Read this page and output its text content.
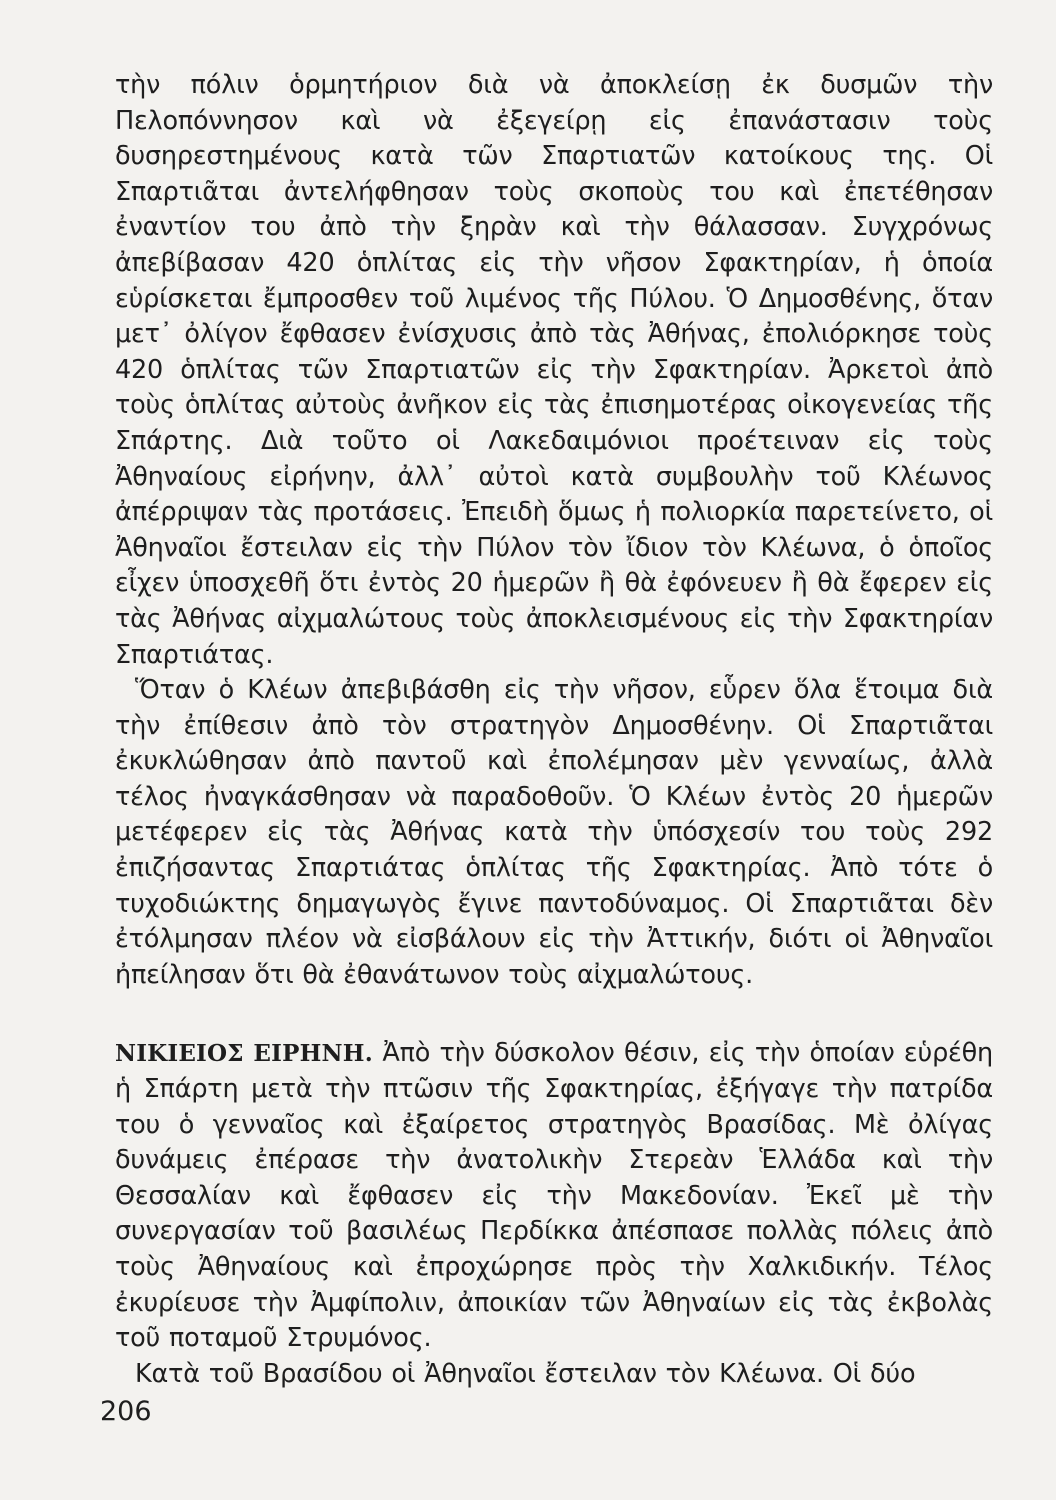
τὴν πόλιν ὁρμητήριον διὰ νὰ ἀποκλείσῃ ἐκ δυσμῶν τὴν Πελοπόννησον καὶ νὰ ἐξεγείρῃ εἰς ἐπανάστασιν τοὺς δυσηρεστημένους κατὰ τῶν Σπαρτιατῶν κατοίκους της. Οἱ Σπαρτιᾶται ἀντελήφθησαν τοὺς σκοποὺς του καὶ ἐπετέθησαν ἐναντίον του ἀπὸ τὴν ξηρὰν καὶ τὴν θάλασσαν. Συγχρόνως ἀπεβίβασαν 420 ὁπλίτας εἰς τὴν νῆσον Σφακτηρίαν, ἡ ὁποία εὑρίσκεται ἔμπροσθεν τοῦ λιμένος τῆς Πύλου. Ὁ Δημοσθένης, ὅταν μετ᾽ ὀλίγον ἔφθασεν ἐνίσχυσις ἀπὸ τὰς Ἀθήνας, ἐπολιόρκησε τοὺς 420 ὁπλίτας τῶν Σπαρτιατῶν εἰς τὴν Σφακτηρίαν. Ἀρκετοὶ ἀπὸ τοὺς ὁπλίτας αὐτοὺς ἀνῆκον εἰς τὰς ἐπισημοτέρας οἰκογενείας τῆς Σπάρτης. Διὰ τοῦτο οἱ Λακεδαιμόνιοι προέτειναν εἰς τοὺς Ἀθηναίους εἰρήνην, ἀλλ᾽ αὐτοὶ κατὰ συμβουλὴν τοῦ Κλέωνος ἀπέρριψαν τὰς προτάσεις. Ἐπειδὴ ὅμως ἡ πολιορκία παρετείνετο, οἱ Ἀθηναῖοι ἔστειλαν εἰς τὴν Πύλον τὸν ἴδιον τὸν Κλέωνα, ὁ ὁποῖος εἶχεν ὑποσχεθῆ ὅτι ἐντὸς 20 ἡμερῶν ἢ θὰ ἐφόνευεν ἢ θὰ ἔφερεν εἰς τὰς Ἀθήνας αἰχμαλώτους τοὺς ἀποκλεισμένους εἰς τὴν Σφακτηρίαν Σπαρτιάτας.

Ὅταν ὁ Κλέων ἀπεβιβάσθη εἰς τὴν νῆσον, εὗρεν ὅλα ἕτοιμα διὰ τὴν ἐπίθεσιν ἀπὸ τὸν στρατηγὸν Δημοσθένην. Οἱ Σπαρτιᾶται ἐκυκλώθησαν ἀπὸ παντοῦ καὶ ἐπολέμησαν μὲν γενναίως, ἀλλὰ τέλος ἠναγκάσθησαν νὰ παραδοθοῦν. Ὁ Κλέων ἐντὸς 20 ἡμερῶν μετέφερεν εἰς τὰς Ἀθήνας κατὰ τὴν ὑπόσχεσίν του τοὺς 292 ἐπιζήσαντας Σπαρτιάτας ὁπλίτας τῆς Σφακτηρίας. Ἀπὸ τότε ὁ τυχοδιώκτης δημαγωγὸς ἔγινε παντοδύναμος. Οἱ Σπαρτιᾶται δὲν ἐτόλμησαν πλέον νὰ εἰσβάλουν εἰς τὴν Ἀττικήν, διότι οἱ Ἀθηναῖοι ἠπείλησαν ὅτι θὰ ἐθανάτωνον τοὺς αἰχμαλώτους.

ΝΙΚΙΕΙΟΣ ΕΙΡΗΝΗ. Ἀπὸ τὴν δύσκολον θέσιν, εἰς τὴν ὁποίαν εὑρέθη ἡ Σπάρτη μετὰ τὴν πτῶσιν τῆς Σφακτηρίας, ἐξήγαγε τὴν πατρίδα του ὁ γενναῖος καὶ ἐξαίρετος στρατηγὸς Βρασίδας. Μὲ ὀλίγας δυνάμεις ἐπέρασε τὴν ἀνατολικὴν Στερεὰν Ἑλλάδα καὶ τὴν Θεσσαλίαν καὶ ἔφθασεν εἰς τὴν Μακεδονίαν. Ἐκεῖ μὲ τὴν συνεργασίαν τοῦ βασιλέως Περδίκκα ἀπέσπασε πολλὰς πόλεις ἀπὸ τοὺς Ἀθηναίους καὶ ἐπροχώρησε πρὸς τὴν Χαλκιδικήν. Τέλος ἐκυρίευσε τὴν Ἀμφίπολιν, ἀποικίαν τῶν Ἀθηναίων εἰς τὰς ἐκβολὰς τοῦ ποταμοῦ Στρυμόνος.

Κατὰ τοῦ Βρασίδου οἱ Ἀθηναῖοι ἔστειλαν τὸν Κλέωνα. Οἱ δύο

206
